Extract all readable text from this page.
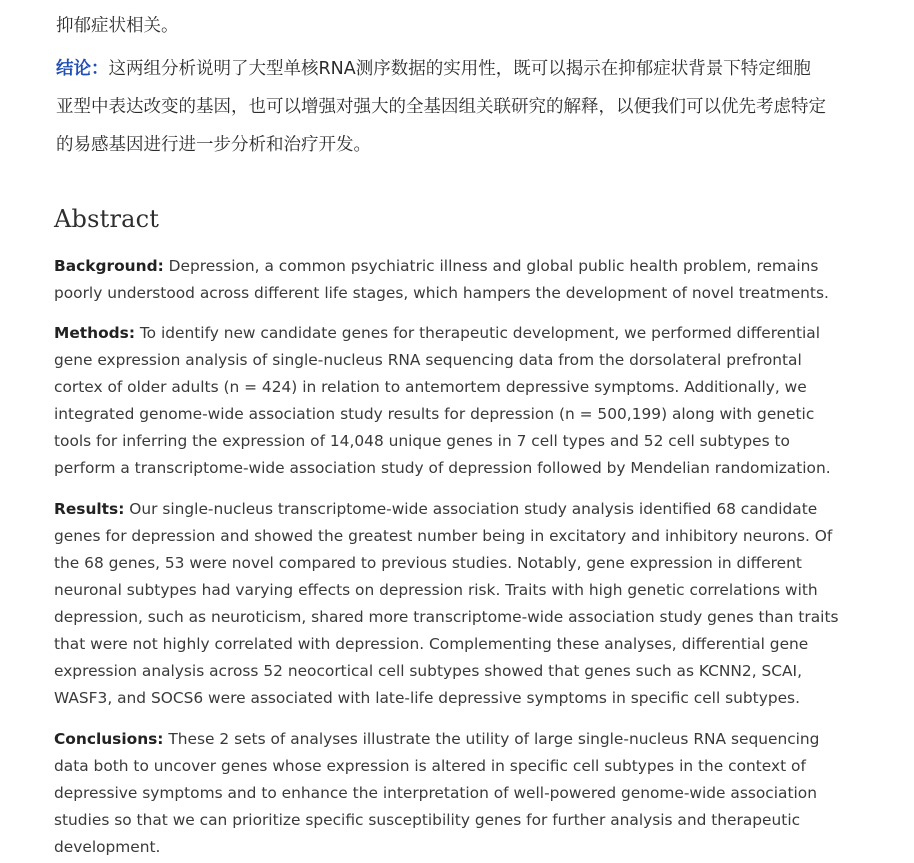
抑郁症状相关。
结论：这两组分析说明了大型单核RNA测序数据的实用性，既可以揭示在抑郁症状背景下特定细胞
亚型中表达改变的基因，也可以增强对强大的全基因组关联研究的解释，以便我们可以优先考虑特定
的易感基因进行进一步分析和治疗开发。
Abstract

Background: Depression, a common psychiatric illness and global public health problem, remains
poorly understood across different life stages, which hampers the development of novel treatments.

Methods: To identify new candidate genes for therapeutic development, we performed differential
gene expression analysis of single-nucleus RNA sequencing data from the dorsolateral prefrontal
cortex of older adults (n = 424) in relation to antemortem depressive symptoms. Additionally, we
integrated genome-wide association study results for depression (n = 500,199) along with genetic
tools for inferring the expression of 14,048 unique genes in 7 cell types and 52 cell subtypes to
perform a transcriptome-wide association study of depression followed by Mendelian randomization.

Results: Our single-nucleus transcriptome-wide association study analysis identified 68 candidate
genes for depression and showed the greatest number being in excitatory and inhibitory neurons. Of
the 68 genes, 53 were novel compared to previous studies. Notably, gene expression in different
neuronal subtypes had varying effects on depression risk. Traits with high genetic correlations with
depression, such as neuroticism, shared more transcriptome-wide association study genes than traits
that were not highly correlated with depression. Complementing these analyses, differential gene
expression analysis across 52 neocortical cell subtypes showed that genes such as KCNN2, SCAI,
WASF3, and SOCS6 were associated with late-life depressive symptoms in specific cell subtypes.

Conclusions: These 2 sets of analyses illustrate the utility of large single-nucleus RNA sequencing
data both to uncover genes whose expression is altered in specific cell subtypes in the context of
depressive symptoms and to enhance the interpretation of well-powered genome-wide association
studies so that we can prioritize specific susceptibility genes for further analysis and therapeutic
development.
